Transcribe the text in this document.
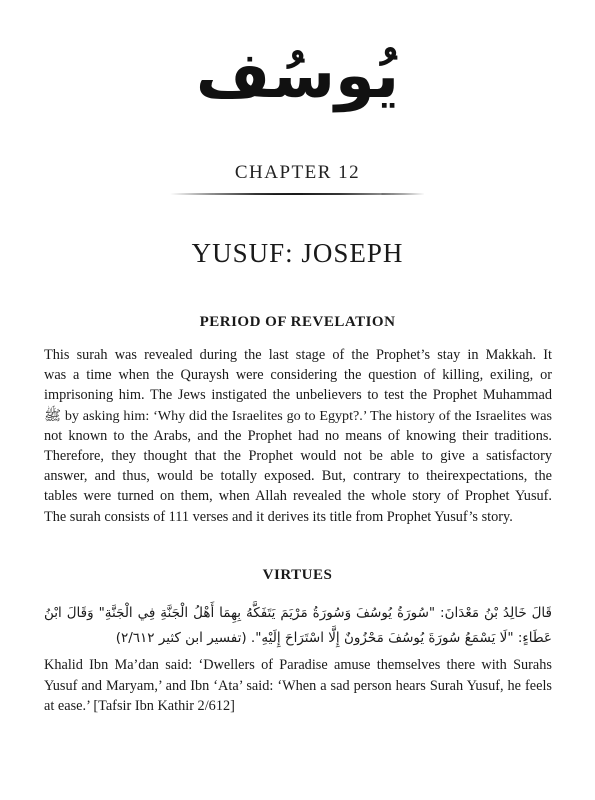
يُوسُف
CHAPTER 12
YUSUF: JOSEPH
PERIOD OF REVELATION
This surah was revealed during the last stage of the Prophet’s stay in Makkah. It
was a time when the Quraysh were considering the question of killing, exiling, or
imprisoning him. The Jews instigated the unbelievers to test the Prophet Muhammad
ﷺ by asking him: ‘Why did the Israelites go to Egypt?.’ The history of the Israelites was
not known to the Arabs, and the Prophet had no means of knowing their traditions.
Therefore, they thought that the Prophet would not be able to give a satisfactory
answer, and thus, would be totally exposed. But, contrary to theirexpectations, the
tables were turned on them, when Allah revealed the whole story of Prophet Yusuf.
The surah consists of 111 verses and it derives its title from Prophet Yusuf’s story.
VIRTUES
قَالَ خَالِدُ بْنُ مَعْدَانَ: "سُورَةُ يُوسُفَ وَسُورَةُ مَرْيَمَ يَتَفَكَّهُ بِهِمَا أَهْلُ الْجَنَّةِ فِي الْجَنَّةِ" وَقَالَ ابْنُ عَطَاءٍ: "لَا يَسْمَعُ سُورَةَ يُوسُفَ مَحْزُونٌ إِلَّا اسْتَرَاحَ إِلَيْهِ". (تفسير ابن كثير ٢/٦١٢)
Khalid Ibn Ma’dan said: ‘Dwellers of Paradise amuse themselves there with Surahs Yusuf and Maryam,’ and Ibn ‘Ata’ said: ‘When a sad person hears Surah Yusuf, he feels at ease.’ [Tafsir Ibn Kathir 2/612]
